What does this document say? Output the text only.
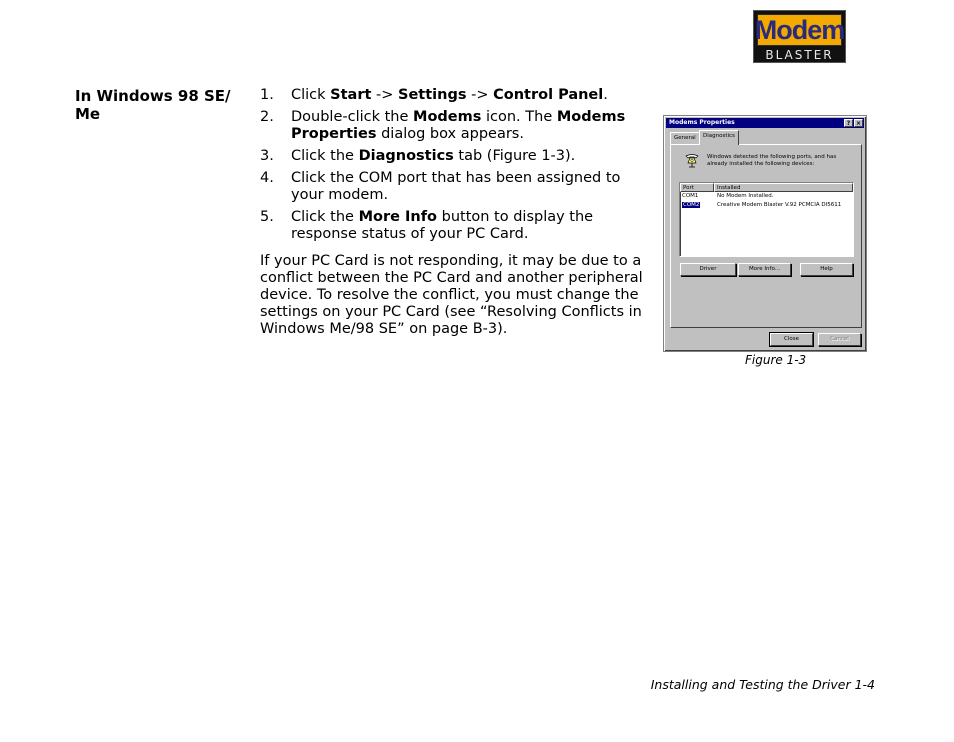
Modem
BLASTER
In Windows 98 SE/ Me
1.	Click Start -> Settings -> Control Panel.
2.	Double-click the Modems icon. The Modems Properties dialog box appears.
3.	Click the Diagnostics tab (Figure 1-3).
4.	Click the COM port that has been assigned to your modem.
5.	Click the More Info button to display the response status of your PC Card.

If your PC Card is not responding, it may be due to a conflict between the PC Card and another peripheral device. To resolve the conflict, you must change the settings on your PC Card (see “Resolving Conflicts in Windows Me/98 SE” on page B-3).

Modems Properties	? ×
General	Diagnostics
Windows detected the following ports, and has already installed the following devices:
Port	Installed
COM1	No Modem Installed.
COM2	Creative Modem Blaster V.92 PCMCIA DI5611
Driver	More Info...	Help
Close	Cancel
Figure 1-3
Installing and Testing the Driver 1-4
